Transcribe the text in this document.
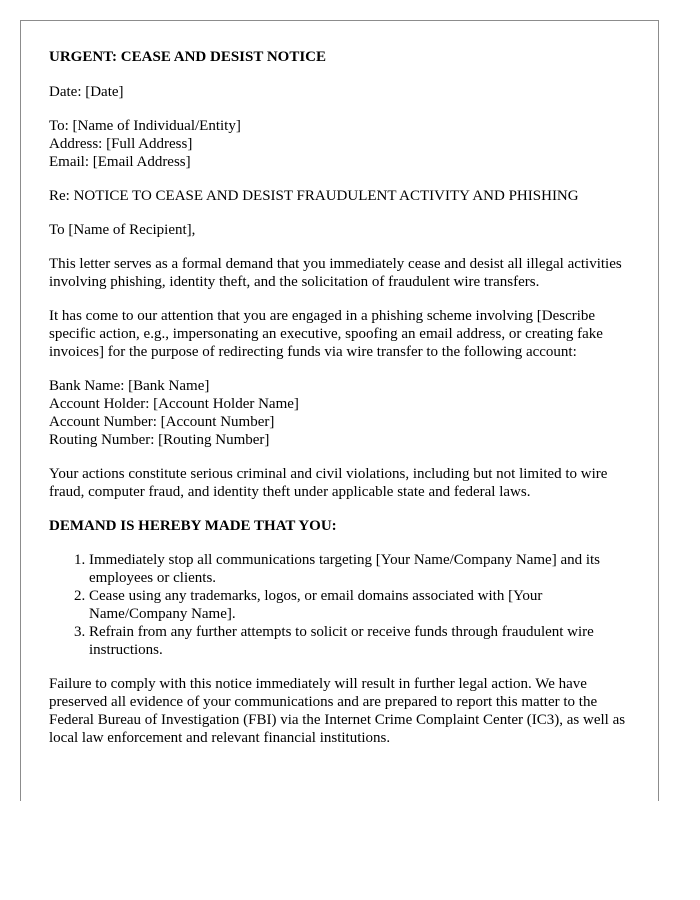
URGENT: CEASE AND DESIST NOTICE

Date: [Date]

To: [Name of Individual/Entity]
Address: [Full Address]
Email: [Email Address]

Re: NOTICE TO CEASE AND DESIST FRAUDULENT ACTIVITY AND PHISHING

To [Name of Recipient],

This letter serves as a formal demand that you immediately cease and desist all illegal activities involving phishing, identity theft, and the solicitation of fraudulent wire transfers.

It has come to our attention that you are engaged in a phishing scheme involving [Describe specific action, e.g., impersonating an executive, spoofing an email address, or creating fake invoices] for the purpose of redirecting funds via wire transfer to the following account:

Bank Name: [Bank Name]
Account Holder: [Account Holder Name]
Account Number: [Account Number]
Routing Number: [Routing Number]

Your actions constitute serious criminal and civil violations, including but not limited to wire fraud, computer fraud, and identity theft under applicable state and federal laws.

DEMAND IS HEREBY MADE THAT YOU:

1. Immediately stop all communications targeting [Your Name/Company Name] and its employees or clients.
2. Cease using any trademarks, logos, or email domains associated with [Your Name/Company Name].
3. Refrain from any further attempts to solicit or receive funds through fraudulent wire instructions.

Failure to comply with this notice immediately will result in further legal action. We have preserved all evidence of your communications and are prepared to report this matter to the Federal Bureau of Investigation (FBI) via the Internet Crime Complaint Center (IC3), as well as local law enforcement and relevant financial institutions.
